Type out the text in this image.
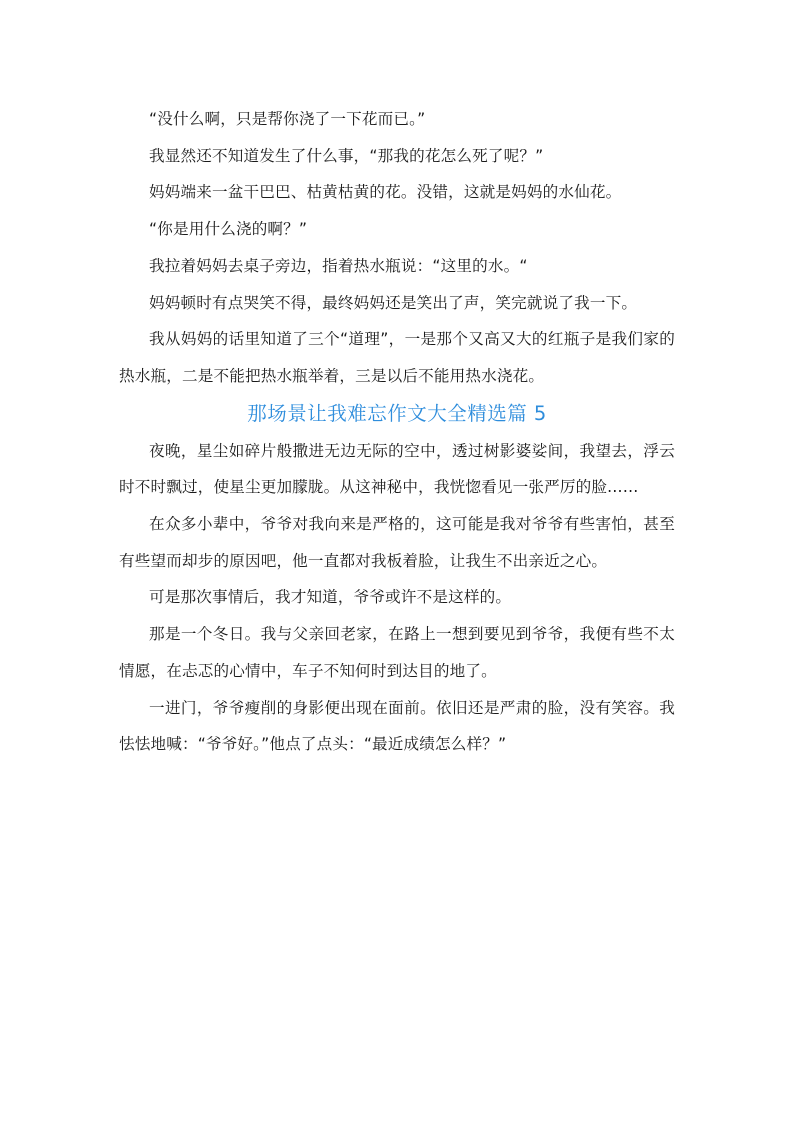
“没什么啊，只是帮你浇了一下花而已。”

我显然还不知道发生了什么事，“那我的花怎么死了呢？”

妈妈端来一盆干巴巴、枯黄枯黄的花。没错，这就是妈妈的水仙花。

“你是用什么浇的啊？”

我拉着妈妈去桌子旁边，指着热水瓶说：“这里的水。“

妈妈顿时有点哭笑不得，最终妈妈还是笑出了声，笑完就说了我一下。

我从妈妈的话里知道了三个“道理”，一是那个又高又大的红瓶子是我们家的热水瓶，二是不能把热水瓶举着，三是以后不能用热水浇花。

那场景让我难忘作文大全精选篇 5

夜晚，星尘如碎片般撒进无边无际的空中，透过树影婆娑间，我望去，浮云时不时飘过，使星尘更加朦胧。从这神秘中，我恍惚看见一张严厉的脸……

在众多小辈中，爷爷对我向来是严格的，这可能是我对爷爷有些害怕，甚至有些望而却步的原因吧，他一直都对我板着脸，让我生不出亲近之心。

可是那次事情后，我才知道，爷爷或许不是这样的。

那是一个冬日。我与父亲回老家，在路上一想到要见到爷爷，我便有些不太情愿，在忐忑的心情中，车子不知何时到达目的地了。

一进门，爷爷瘦削的身影便出现在面前。依旧还是严肃的脸，没有笑容。我怯怯地喊：“爷爷好。”他点了点头：“最近成绩怎么样？”
